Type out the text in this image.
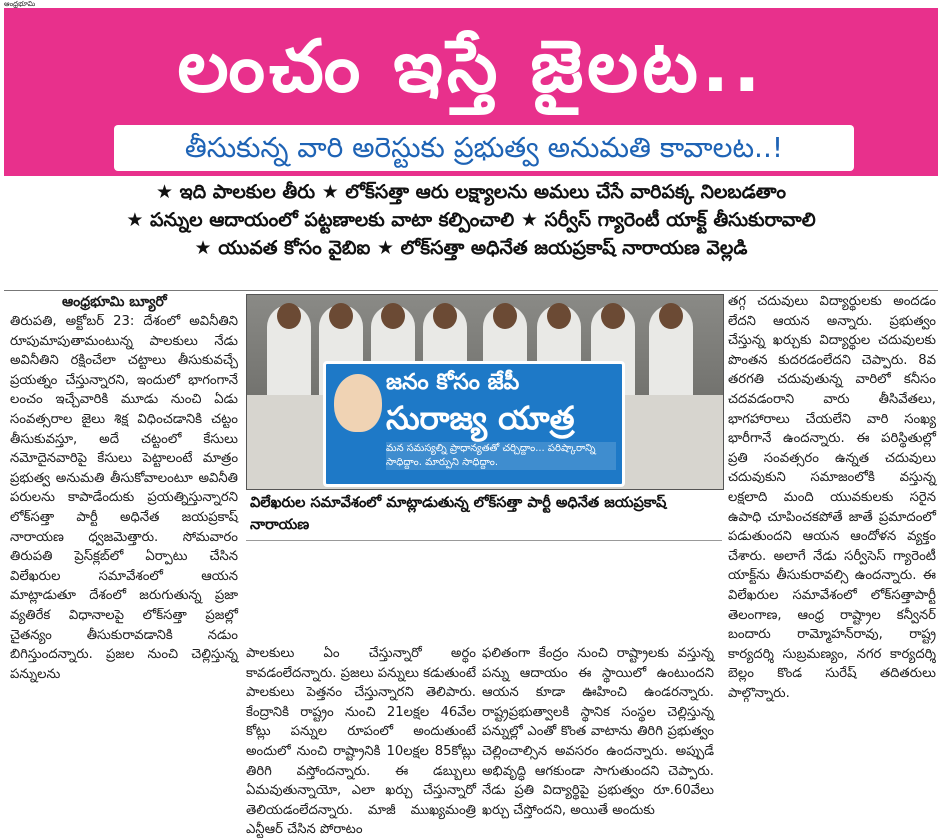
ఆంధ్రభూమి
లంచం ఇస్తే జైలట..
తీసుకున్న వారి అరెస్టుకు ప్రభుత్వ అనుమతి కావాలట..!
★ ఇది పాలకుల తీరు ★ లోక్‌సత్తా ఆరు లక్ష్యాలను అమలు చేసే వారిపక్క నిలబడతాం
★ పన్నుల ఆదాయంలో పట్టణాలకు వాటా కల్పించాలి ★ సర్వీస్ గ్యారెంటీ యాక్ట్ తీసుకురావాలి
★ యువత కోసం వైబిఐ ★ లోక్‌సత్తా అధినేత జయప్రకాష్ నారాయణ వెల్లడి
ఆంధ్రభూమి బ్యూరో

తిరుపతి, అక్టోబర్ 23: దేశంలో అవినీతిని రూపుమాపుతామంటున్న పాలకులు నేడు అవినీతిని రక్షించేలా చట్టాలు తీసుకువచ్చే ప్రయత్నం చేస్తున్నారని, ఇందులో భాగంగానే లంచం ఇచ్చేవారికి మూడు నుంచి ఏడు సంవత్సరాల జైలు శిక్ష విధించడానికి చట్టం తీసుకువస్తూ, అదే చట్టంలో కేసులు నమోదైనవారిపై కేసులు పెట్టాలంటే మాత్రం ప్రభుత్వ అనుమతి తీసుకోవాలంటూ అవినీతి పరులను కాపాడేందుకు ప్రయత్నిస్తున్నారని లోక్‌సత్తా పార్టీ అధినేత జయప్రకాష్ నారాయణ ధ్వజమెత్తారు. సోమవారం తిరుపతి ప్రెస్‌క్లబ్‌లో ఏర్పాటు చేసిన విలేఖరుల సమావేశంలో ఆయన మాట్లాడుతూ దేశంలో జరుగుతున్న ప్రజా వ్యతిరేక విధానాలపై లోక్‌సత్తా ప్రజల్లో చైతన్యం తీసుకురావడానికి నడుం బిగిస్తుందన్నారు. ప్రజల నుంచి చెల్లిస్తున్న పన్నులను

జనం కోసం జేపీ
సురాజ్య యాత్ర
మన సమస్యల్ని ప్రాధాన్యతతో చర్చిద్దాం... పరిష్కారాన్ని సాధిద్దాం. మార్పుని సాధిద్దాం.
విలేఖరుల సమావేశంలో మాట్లాడుతున్న లోక్‌సత్తా పార్టీ అధినేత జయప్రకాష్ నారాయణ

పాలకులు ఏం చేస్తున్నారో అర్థం కావడంలేదన్నారు. ప్రజలు పన్నులు కడుతుంటే పాలకులు పెత్తనం చేస్తున్నారని తెలిపారు. కేంద్రానికి రాష్ట్రం నుంచి 21లక్షల 46వేల కోట్లు పన్నుల రూపంలో అందుతుంటే అందులో నుంచి రాష్ట్రానికి 10లక్షల 85కోట్లు తిరిగి వస్తోందన్నారు. ఈ డబ్బులు ఏమవుతున్నాయో, ఎలా ఖర్చు చేస్తున్నారో తెలియడంలేదన్నారు. మాజీ ముఖ్యమంత్రి ఎన్టీఆర్ చేసిన పోరాటం

ఫలితంగా కేంద్రం నుంచి రాష్ట్రాలకు వస్తున్న పన్ను ఆదాయం ఈ స్థాయిలో ఉంటుందని ఆయన కూడా ఊహించి ఉండరన్నారు. రాష్ట్రప్రభుత్వాలకి స్థానిక సంస్థల చెల్లిస్తున్న పన్నుల్లో ఎంతో కొంత వాటాను తిరిగి ప్రభుత్వం చెల్లించాల్సిన అవసరం ఉందన్నారు. అప్పుడే అభివృద్ధి ఆగకుండా సాగుతుందని చెప్పారు. నేడు ప్రతి విద్యార్థిపై ప్రభుత్వం రూ.60వేలు ఖర్చు చేస్తోందని, అయితే అందుకు

తగ్గ చదువులు విద్యార్థులకు అందడం లేదని ఆయన అన్నారు. ప్రభుత్వం చేస్తున్న ఖర్చుకు విద్యార్థుల చదువులకు పొంతన కుదరడంలేదని చెప్పారు. 8వ తరగతి చదువుతున్న వారిలో కనీసం చదవడంరాని వారు తీసివేతలు, భాగహారాలు చేయలేని వారి సంఖ్య భారీగానే ఉందన్నారు. ఈ పరిస్థితుల్లో ప్రతి సంవత్సరం ఉన్నత చదువులు చదువుకుని సమాజంలోకి వస్తున్న లక్షలాది మంది యువకులకు సరైన ఉపాధి చూపించకపోతే జాతే ప్రమాదంలో పడుతుందని ఆయన ఆందోళన వ్యక్తం చేశారు. అలాగే నేడు సర్వీసెస్ గ్యారెంటీ యాక్ట్‌ను తీసుకురావల్సి ఉందన్నారు. ఈ విలేఖరుల సమావేశంలో లోక్‌సత్తాపార్టీ తెలంగాణ, ఆంధ్ర రాష్ట్రాల కన్వీనర్ బందారు రామ్మోహన్‌రావు, రాష్ట్ర కార్యదర్శి సుబ్రమణ్యం, నగర కార్యదర్శి బెల్లం కొండ సురేష్ తదితరులు పాల్గొన్నారు.
